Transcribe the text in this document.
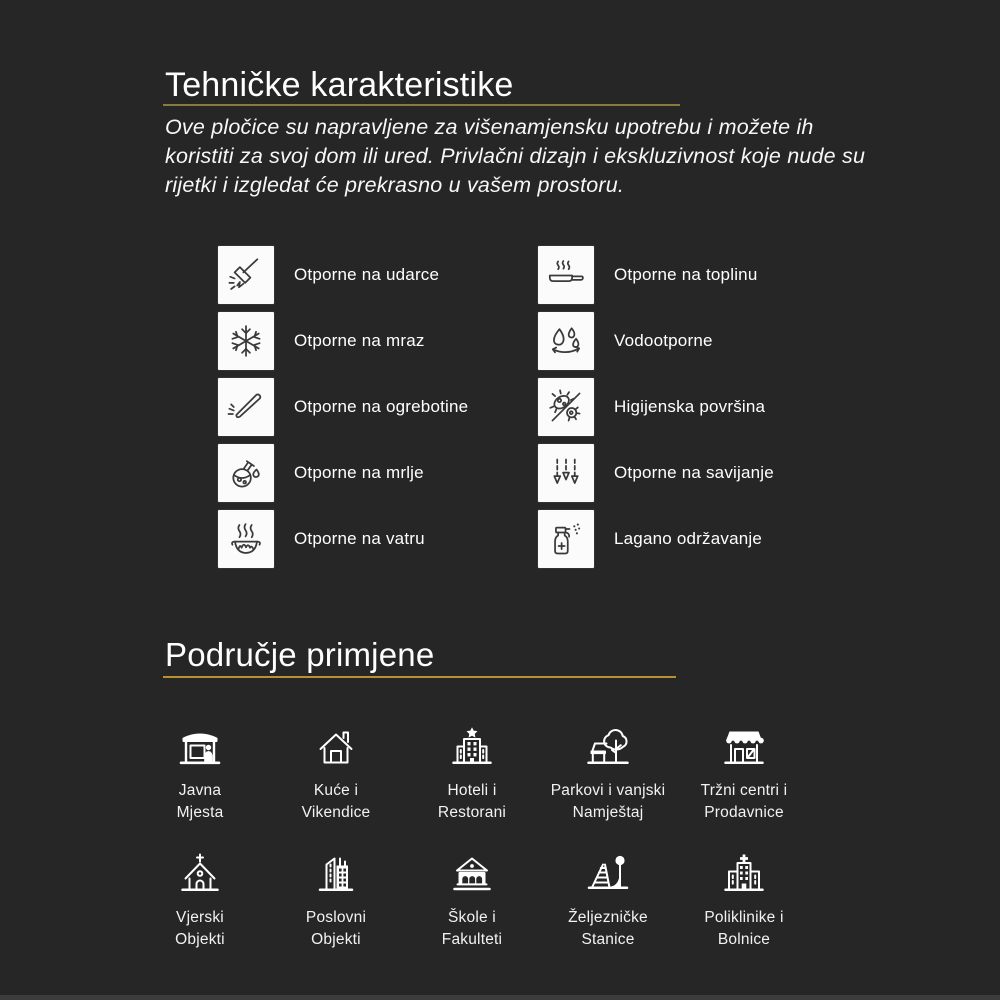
Tehničke karakteristike
Ove pločice su napravljene za višenamjensku upotrebu i možete ih koristiti za svoj dom ili ured. Privlačni dizajn i ekskluzivnost koje nude su rijetki i izgledat će prekrasno u vašem prostoru.
Otporne na udarce
Otporne na mraz
Otporne na ogrebotine
Otporne na mrlje
Otporne na vatru
Otporne na toplinu
Vodootporne
Higijenska površina
Otporne na savijanje
Lagano održavanje
Područje primjene
Javna
Mjesta
Kuće i
Vikendice
Hoteli i
Restorani
Parkovi i vanjski
Namještaj
Tržni centri i
Prodavnice
Vjerski
Objekti
Poslovni
Objekti
Škole i
Fakulteti
Željezničke
Stanice
Poliklinike i
Bolnice
